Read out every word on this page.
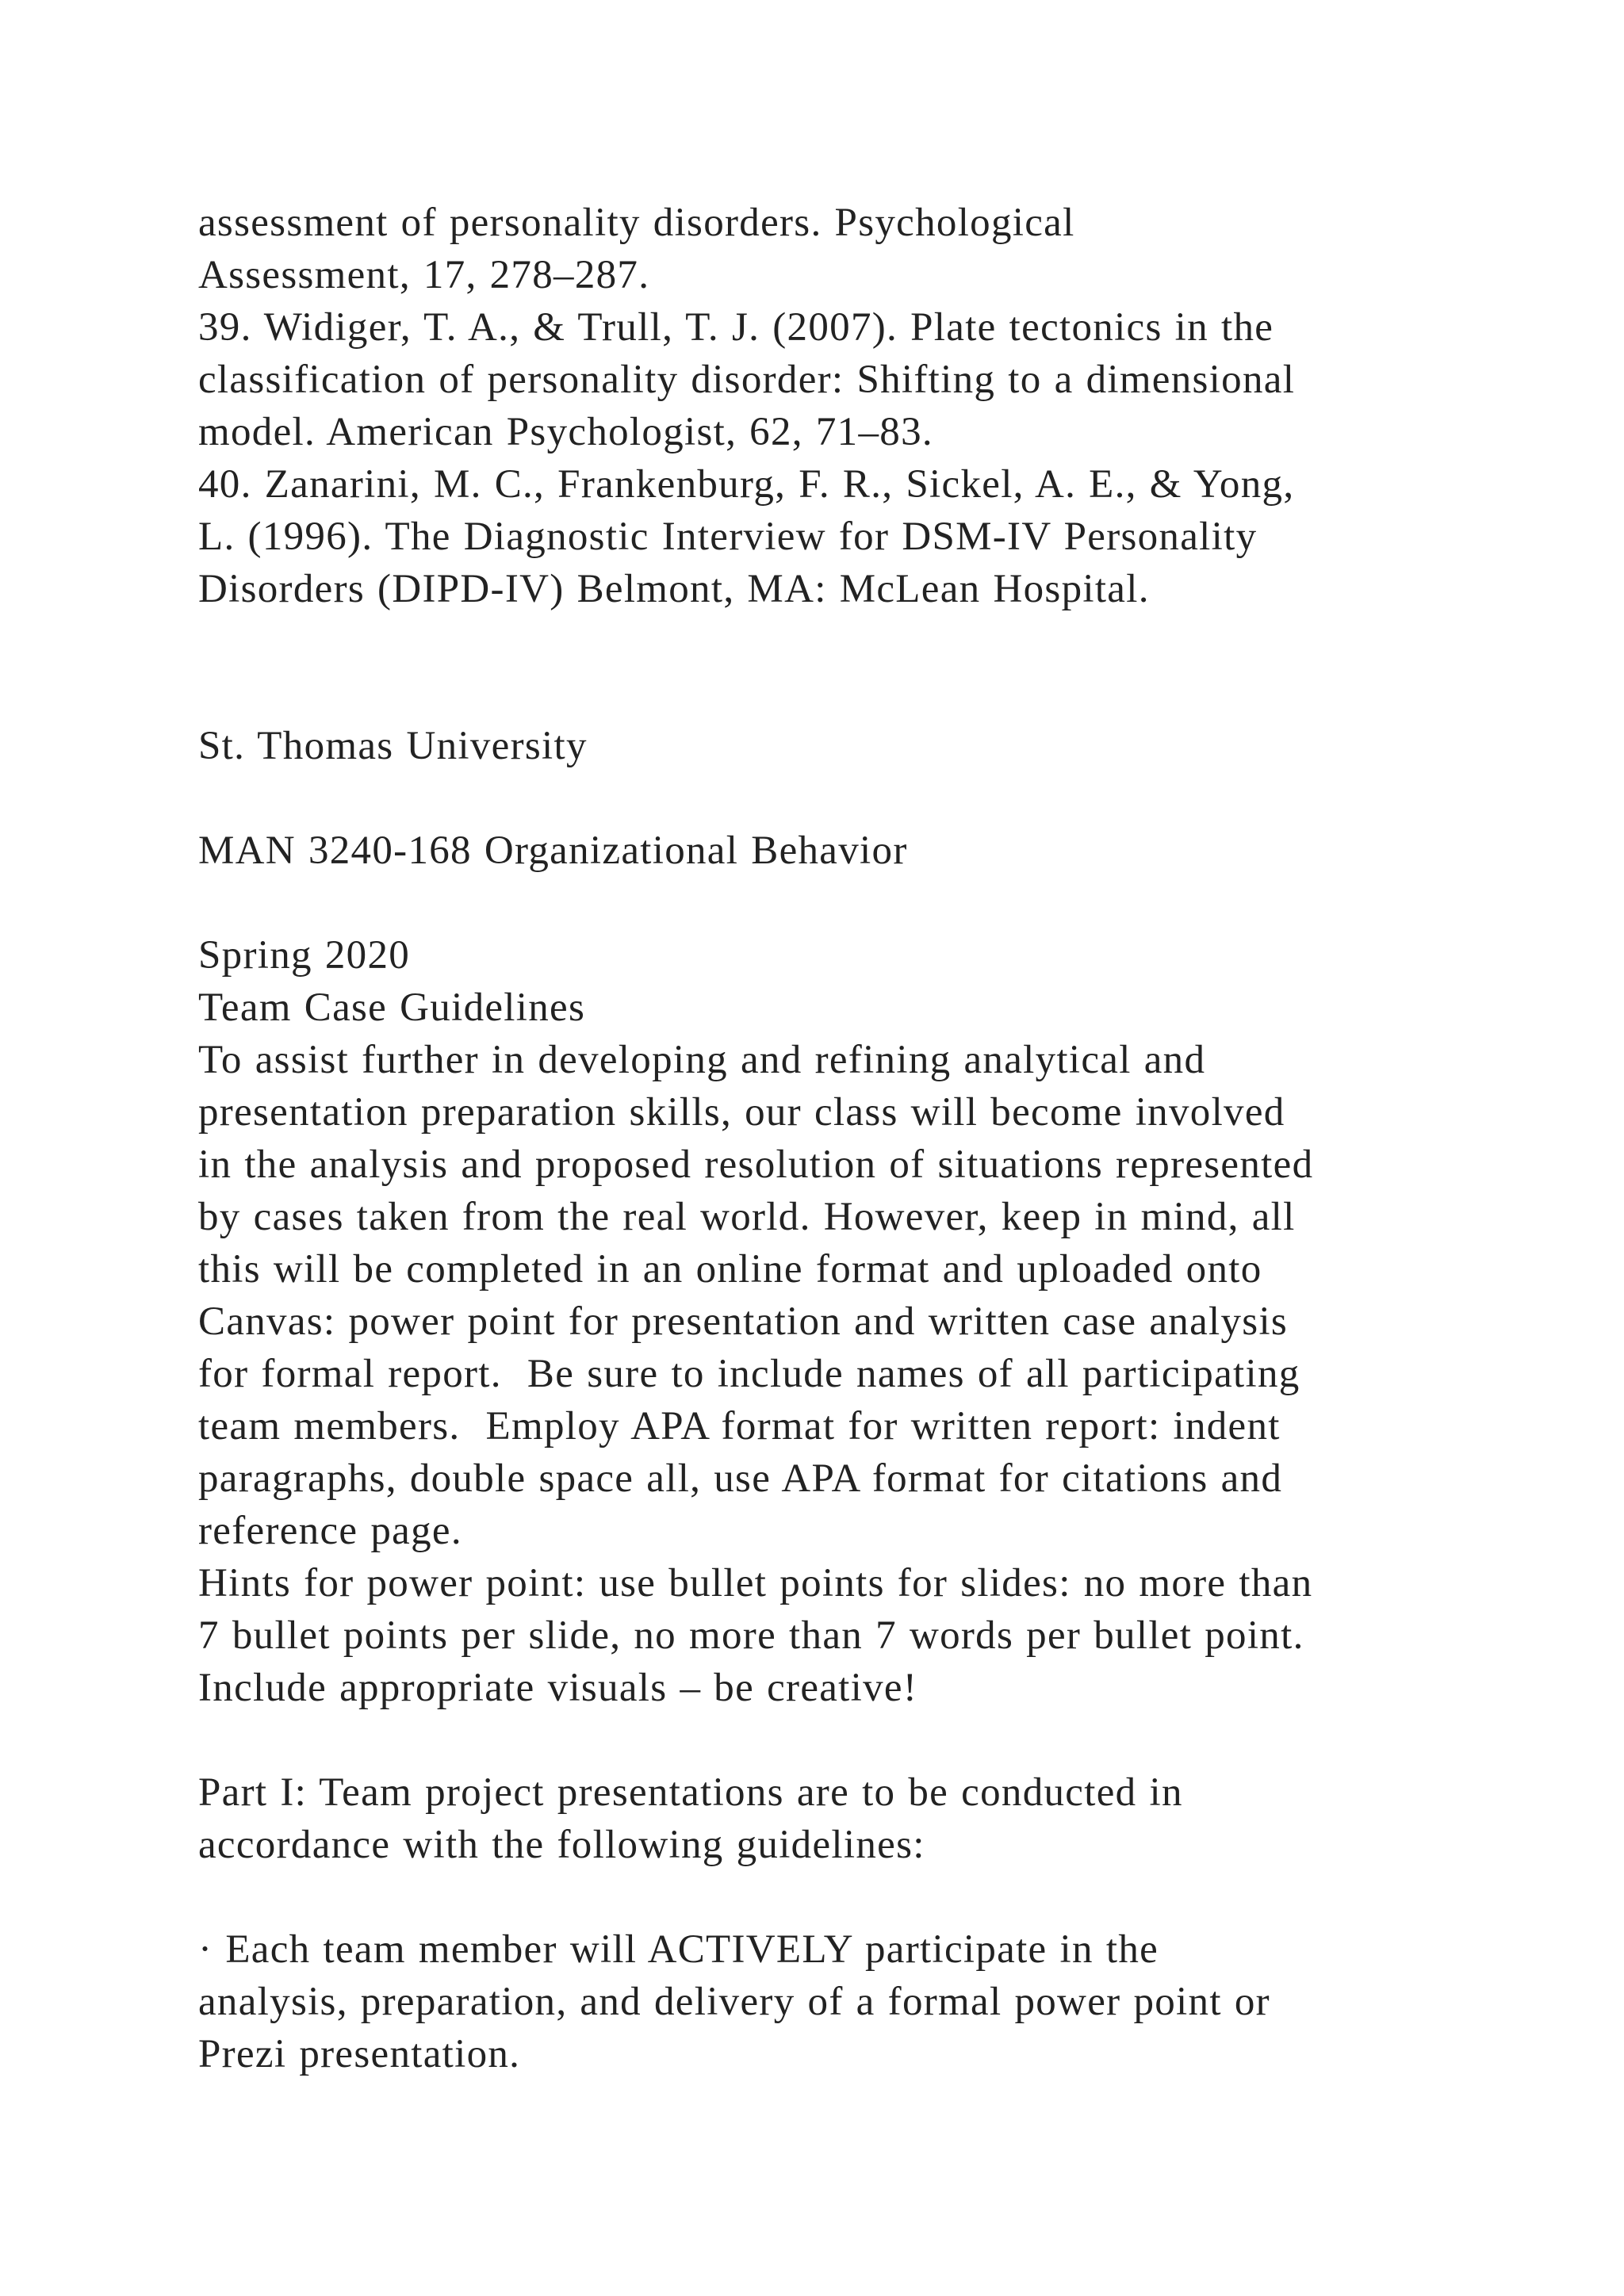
assessment of personality disorders. Psychological
Assessment, 17, 278–287.
39. Widiger, T. A., & Trull, T. J. (2007). Plate tectonics in the
classification of personality disorder: Shifting to a dimensional
model. American Psychologist, 62, 71–83.
40. Zanarini, M. C., Frankenburg, F. R., Sickel, A. E., & Yong,
L. (1996). The Diagnostic Interview for DSM-IV Personality
Disorders (DIPD-IV) Belmont, MA: McLean Hospital.
St. Thomas University
MAN 3240-168 Organizational Behavior
Spring 2020
Team Case Guidelines
To assist further in developing and refining analytical and
presentation preparation skills, our class will become involved
in the analysis and proposed resolution of situations represented
by cases taken from the real world. However, keep in mind, all
this will be completed in an online format and uploaded onto
Canvas: power point for presentation and written case analysis
for formal report.  Be sure to include names of all participating
team members.  Employ APA format for written report: indent
paragraphs, double space all, use APA format for citations and
reference page.
Hints for power point: use bullet points for slides: no more than
7 bullet points per slide, no more than 7 words per bullet point.
Include appropriate visuals – be creative!
Part I: Team project presentations are to be conducted in
accordance with the following guidelines:
· Each team member will ACTIVELY participate in the
analysis, preparation, and delivery of a formal power point or
Prezi presentation.
